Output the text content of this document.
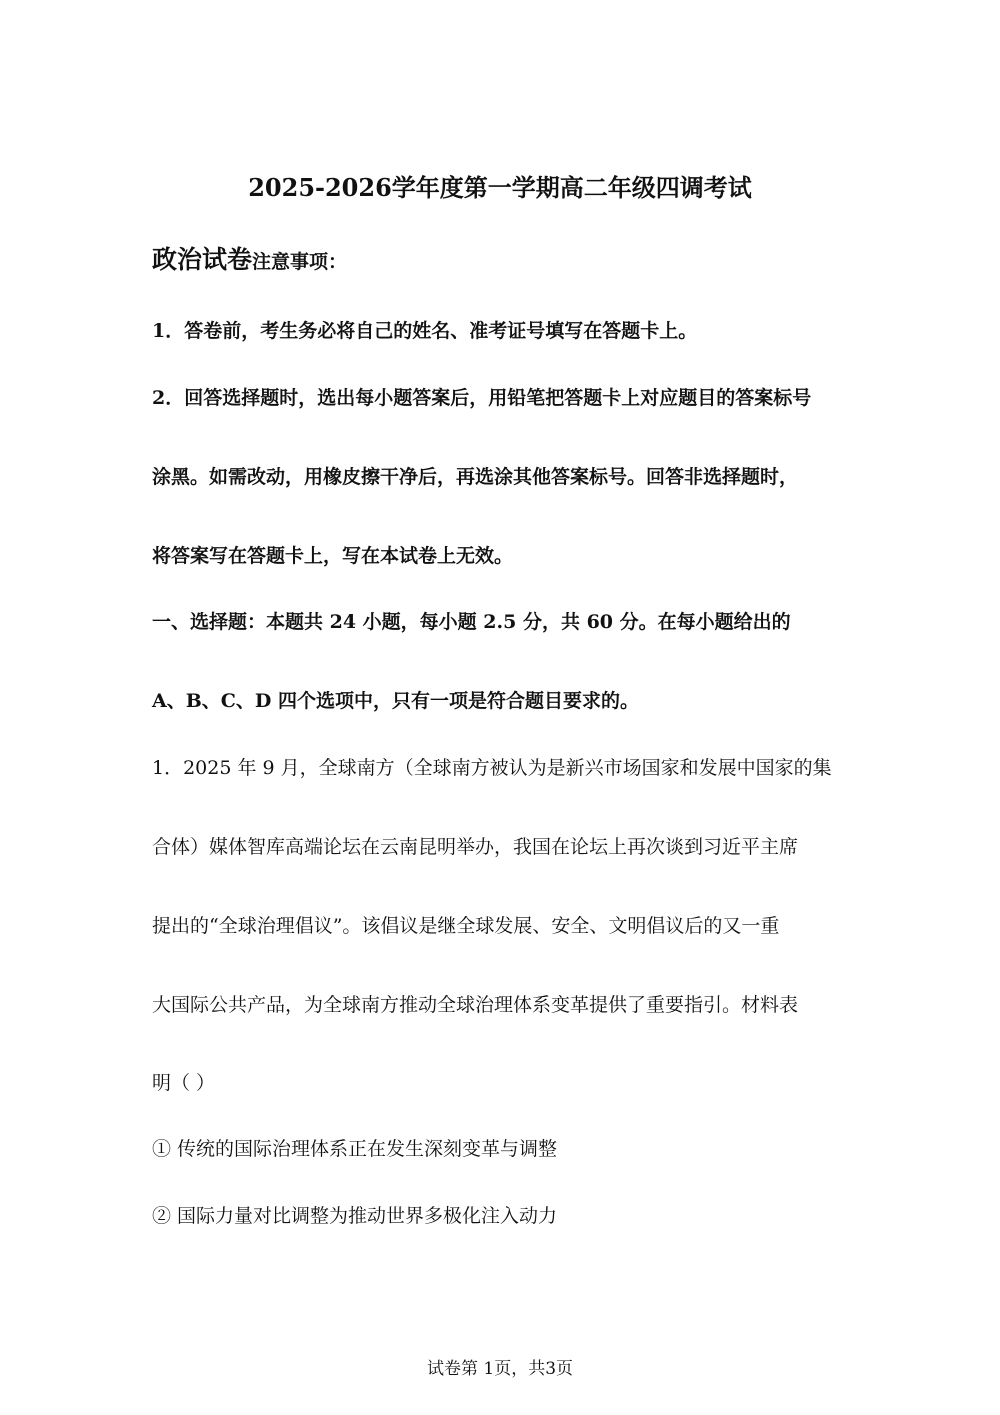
2025-2026学年度第一学期高二年级四调考试
政治试卷注意事项：
1．答卷前，考生务必将自己的姓名、准考证号填写在答题卡上。
2．回答选择题时，选出每小题答案后，用铅笔把答题卡上对应题目的答案标号
涂黑。如需改动，用橡皮擦干净后，再选涂其他答案标号。回答非选择题时，
将答案写在答题卡上，写在本试卷上无效。
一、选择题：本题共 24 小题，每小题 2.5 分，共 60 分。在每小题给出的
A、B、C、D 四个选项中，只有一项是符合题目要求的。
1．2025 年 9 月，全球南方（全球南方被认为是新兴市场国家和发展中国家的集
合体）媒体智库高端论坛在云南昆明举办，我国在论坛上再次谈到习近平主席
提出的“全球治理倡议”。该倡议是继全球发展、安全、文明倡议后的又一重
大国际公共产品，为全球南方推动全球治理体系变革提供了重要指引。材料表
明（ ）
① 传统的国际治理体系正在发生深刻变革与调整
② 国际力量对比调整为推动世界多极化注入动力
试卷第 1页，共3页
